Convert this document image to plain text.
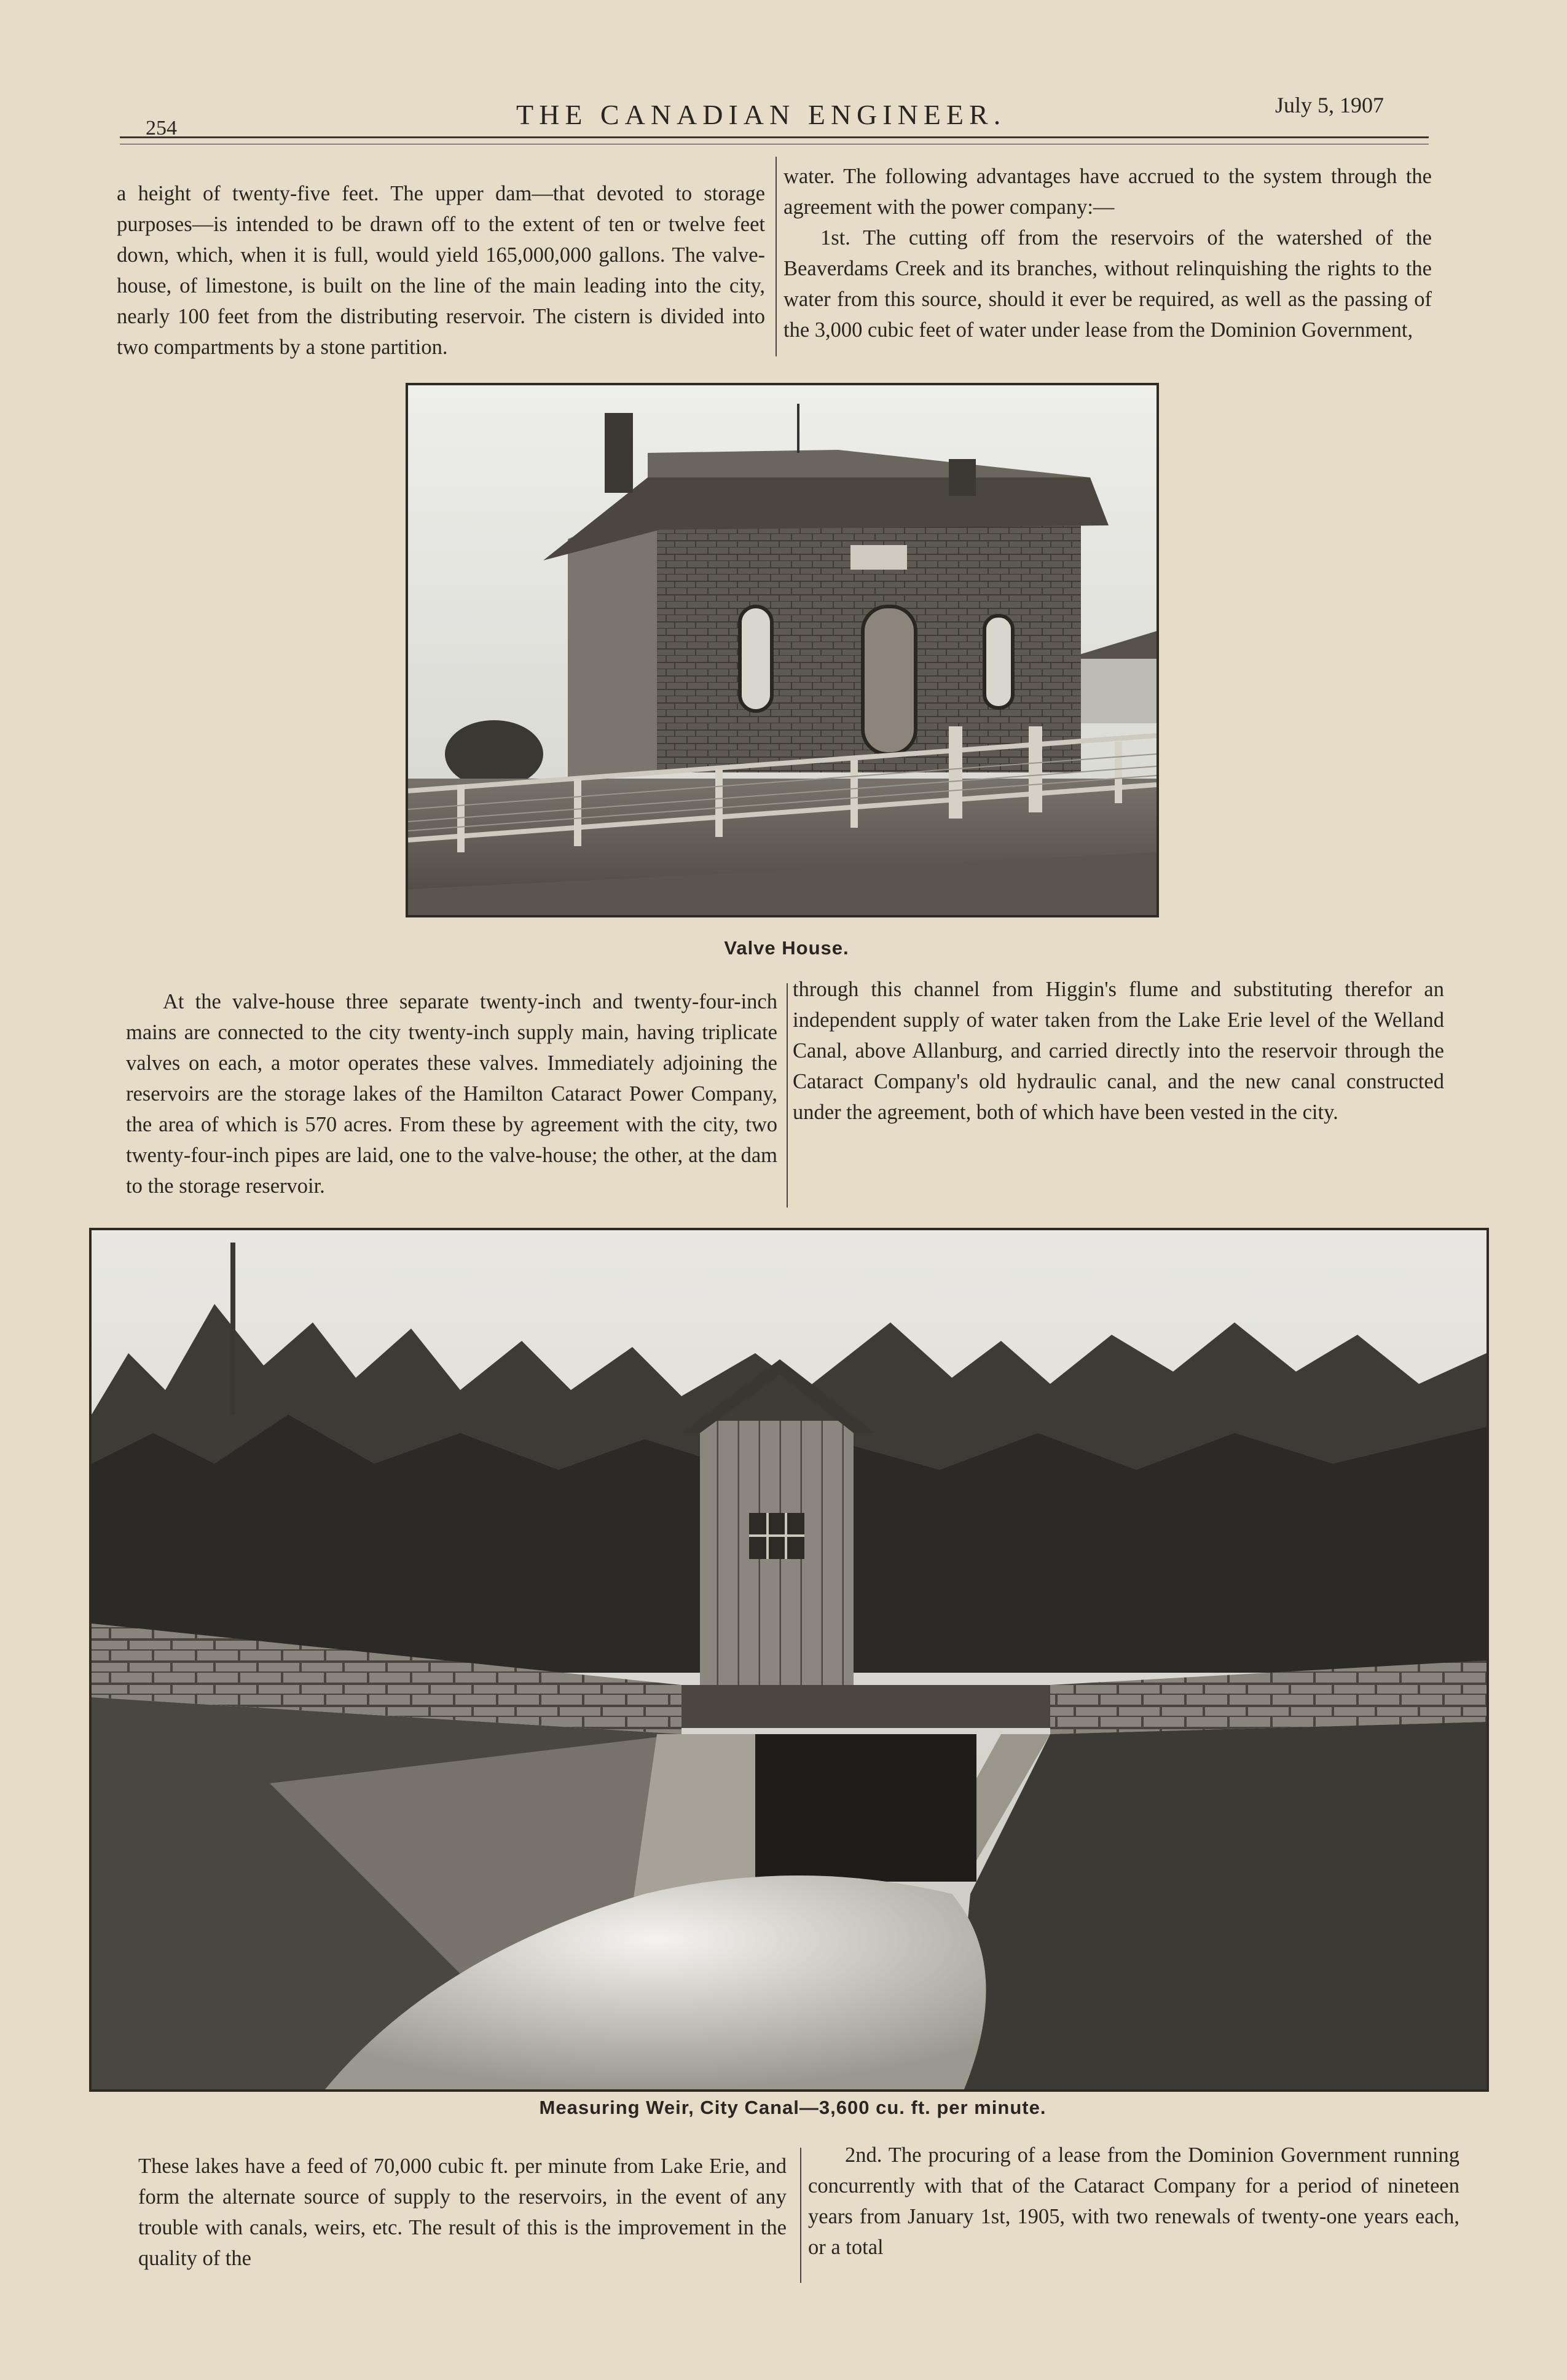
254	THE CANADIAN ENGINEER.	July 5, 1907

a height of twenty-five feet. The upper dam—that devoted to storage purposes—is intended to be drawn off to the extent of ten or twelve feet down, which, when it is full, would yield 165,000,000 gallons. The valve-house, of limestone, is built on the line of the main leading into the city, nearly 100 feet from the distributing reservoir. The cistern is divided into two compartments by a stone partition.

water. The following advantages have accrued to the system through the agreement with the power company:—

1st. The cutting off from the reservoirs of the watershed of the Beaverdams Creek and its branches, without relinquishing the rights to the water from this source, should it ever be required, as well as the passing of the 3,000 cubic feet of water under lease from the Dominion Government,

Valve House.

At the valve-house three separate twenty-inch and twenty-four-inch mains are connected to the city twenty-inch supply main, having triplicate valves on each, a motor operates these valves. Immediately adjoining the reservoirs are the storage lakes of the Hamilton Cataract Power Company, the area of which is 570 acres. From these by agreement with the city, two twenty-four-inch pipes are laid, one to the valve-house; the other, at the dam to the storage reservoir.

through this channel from Higgin's flume and substituting therefor an independent supply of water taken from the Lake Erie level of the Welland Canal, above Allanburg, and carried directly into the reservoir through the Cataract Company's old hydraulic canal, and the new canal constructed under the agreement, both of which have been vested in the city.

Measuring Weir, City Canal—3,600 cu. ft. per minute.

These lakes have a feed of 70,000 cubic ft. per minute from Lake Erie, and form the alternate source of supply to the reservoirs, in the event of any trouble with canals, weirs, etc. The result of this is the improvement in the quality of the

2nd. The procuring of a lease from the Dominion Government running concurrently with that of the Cataract Company for a period of nineteen years from January 1st, 1905, with two renewals of twenty-one years each, or a total
